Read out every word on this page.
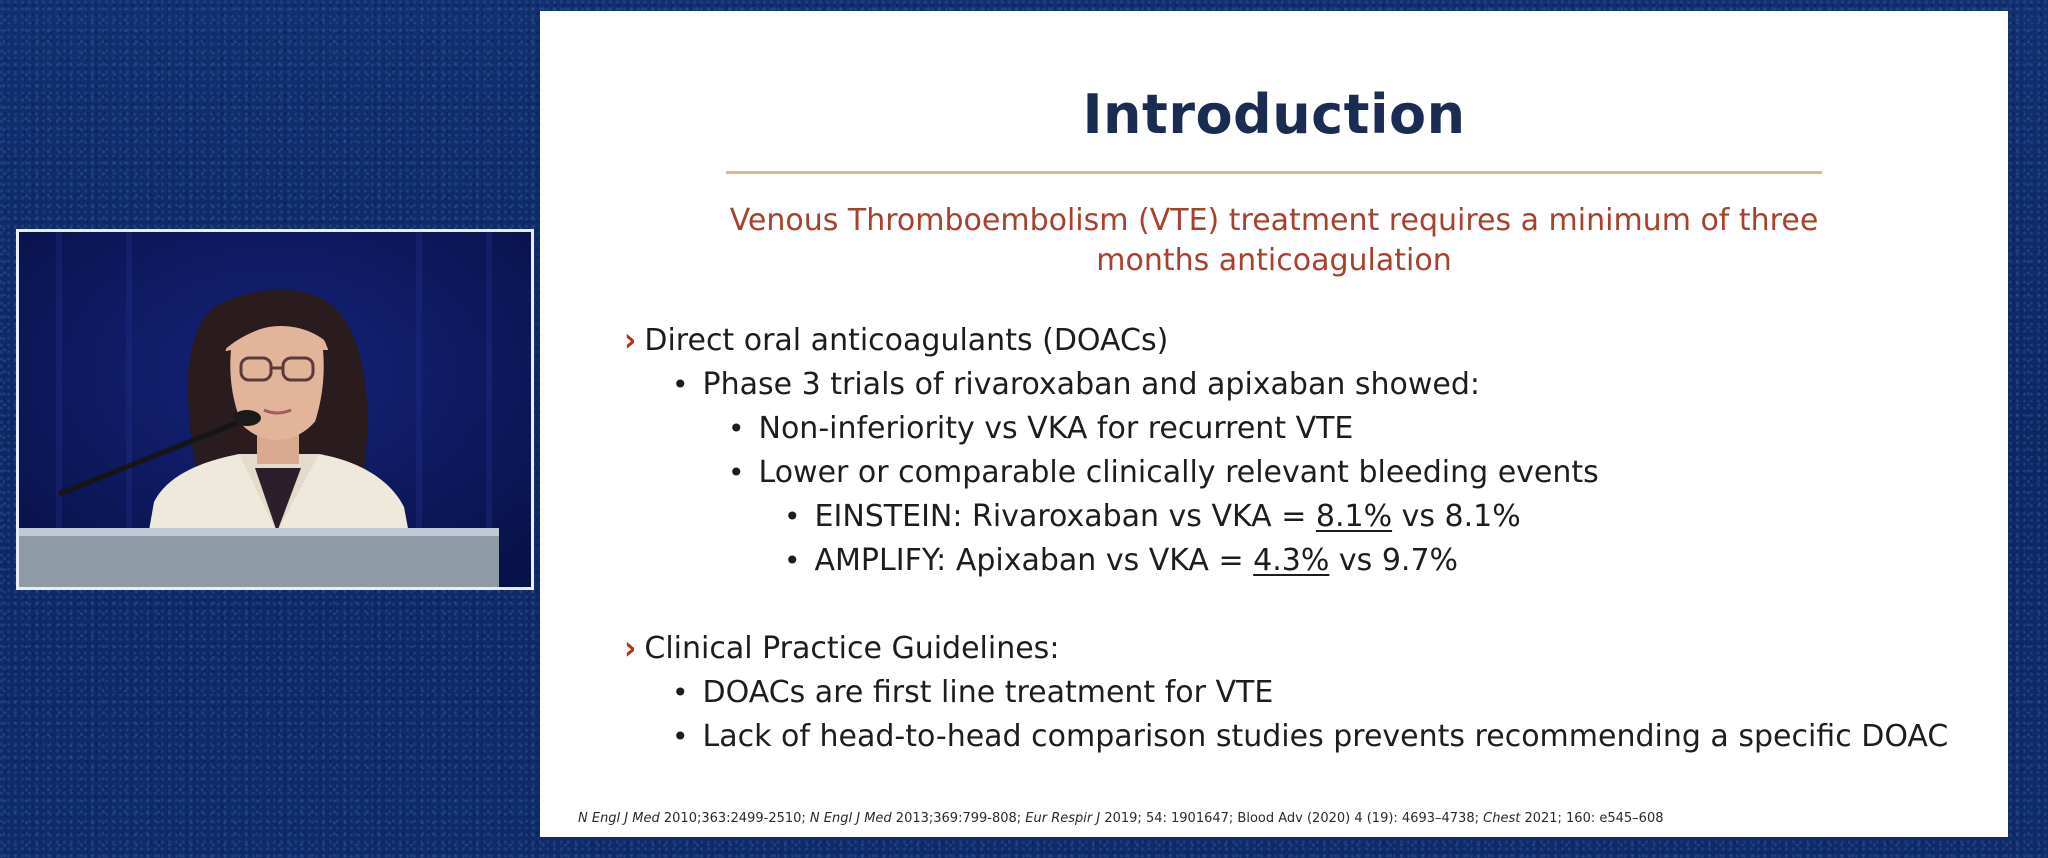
Introduction
Venous Thromboembolism (VTE) treatment requires a minimum of three
months anticoagulation
› Direct oral anticoagulants (DOACs)
• Phase 3 trials of rivaroxaban and apixaban showed:
• Non-inferiority vs VKA for recurrent VTE
• Lower or comparable clinically relevant bleeding events
• EINSTEIN: Rivaroxaban vs VKA = 8.1% vs 8.1%
• AMPLIFY: Apixaban vs VKA = 4.3% vs 9.7%
› Clinical Practice Guidelines:
• DOACs are first line treatment for VTE
• Lack of head-to-head comparison studies prevents recommending a specific DOAC
N Engl J Med 2010;363:2499-2510; N Engl J Med 2013;369:799-808; Eur Respir J 2019; 54: 1901647; Blood Adv (2020) 4 (19): 4693–4738; Chest 2021; 160: e545–608
